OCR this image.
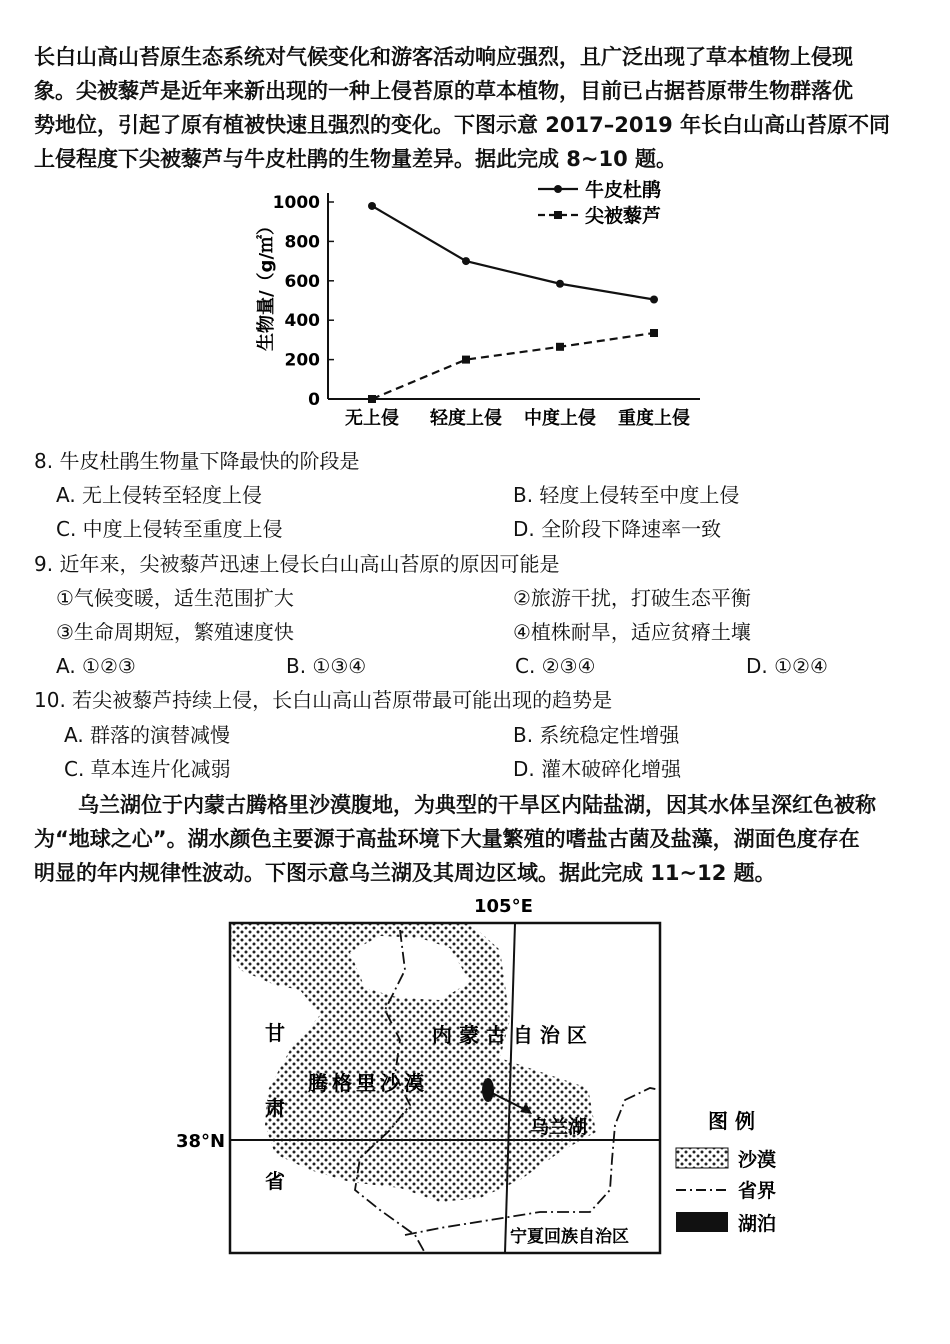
长白山高山苔原生态系统对气候变化和游客活动响应强烈，且广泛出现了草本植物上侵现
象。尖被藜芦是近年来新出现的一种上侵苔原的草本植物，目前已占据苔原带生物群落优
势地位，引起了原有植被快速且强烈的变化。下图示意 2017–2019 年长白山高山苔原不同
上侵程度下尖被藜芦与牛皮杜鹃的生物量差异。据此完成 8~10 题。
0
200
400
600
800
1000
生物量/（g/㎡）
无上侵 轻度上侵 中度上侵 重度上侵
牛皮杜鹃
尖被藜芦
8. 牛皮杜鹃生物量下降最快的阶段是
A. 无上侵转至轻度上侵	B. 轻度上侵转至中度上侵
C. 中度上侵转至重度上侵	D. 全阶段下降速率一致
9. 近年来，尖被藜芦迅速上侵长白山高山苔原的原因可能是
①气候变暖，适生范围扩大	②旅游干扰，打破生态平衡
③生命周期短，繁殖速度快	④植株耐旱，适应贫瘠土壤
A. ①②③	B. ①③④	C. ②③④	D. ①②④
10. 若尖被藜芦持续上侵，长白山高山苔原带最可能出现的趋势是
A. 群落的演替减慢	B. 系统稳定性增强
C. 草本连片化减弱	D. 灌木破碎化增强
乌兰湖位于内蒙古腾格里沙漠腹地，为典型的干旱区内陆盐湖，因其水体呈深红色被称
为“地球之心”。湖水颜色主要源于高盐环境下大量繁殖的嗜盐古菌及盐藻，湖面色度存在
明显的年内规律性波动。下图示意乌兰湖及其周边区域。据此完成 11~12 题。
105°E
38°N
甘
肃
省
内 蒙 古 自 治 区
腾格里沙漠
乌兰湖
宁夏回族自治区
图 例
沙漠
省界
湖泊
